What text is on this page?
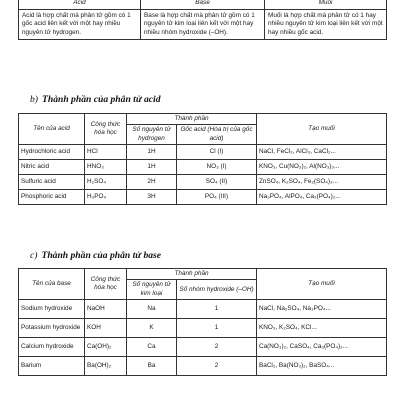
Acid	Base	Muối
Acid là hợp chất mà phân tử gồm có 1 gốc acid liên kết với một hay nhiều nguyên tử hydrogen.	Base là hợp chất mà phân tử gồm có 1 nguyên tử kim loại liên kết với một hay nhiều nhóm hydroxide (–OH).	Muối là hợp chất mà phân tử có 1 hay nhiều nguyên tử kim loại liên kết với một hay nhiều gốc acid.
b) Thành phần của phân tử acid
Tên của acid	Công thức hóa học	Thành phần		Tạo muối
		Số nguyên tử hydrogen	Gốc acid (Hóa trị của gốc acid)	
Hydrochloric acid	HCl	1H	Cl (I)	NaCl, FeCl₂, AlCl₃, CaCl₂...
Nitric acid	HNO₃	1H	NO₃ (I)	KNO₃, Cu(NO₃)₂, Al(NO₃)₃...
Sulfuric acid	H₂SO₄	2H	SO₄ (II)	ZnSO₄, K₂SO₄, Fe₂(SO₄)₃...
Phosphoric acid	H₃PO₄	3H	PO₄ (III)	Na₃PO₄, AlPO₄, Ca₃(PO₄)₂...
c) Thành phần của phân tử base
Tên của base	Công thức hóa học	Thành phần		Tạo muối
		Số nguyên tử kim loại	Số nhóm hydroxide (–OH)	
Sodium hydroxide	NaOH	Na	1	NaCl, Na₂SO₄, Na₃PO₄...
Potassium hydroxide	KOH	K	1	KNO₃, K₂SO₄, KCl...
Calcium hydroxide	Ca(OH)₂	Ca	2	Ca(NO₃)₂, CaSO₄, Ca₃(PO₄)₂...
Barium	Ba(OH)₂	Ba	2	BaCl₂, Ba(NO₃)₂, BaSO₄...
